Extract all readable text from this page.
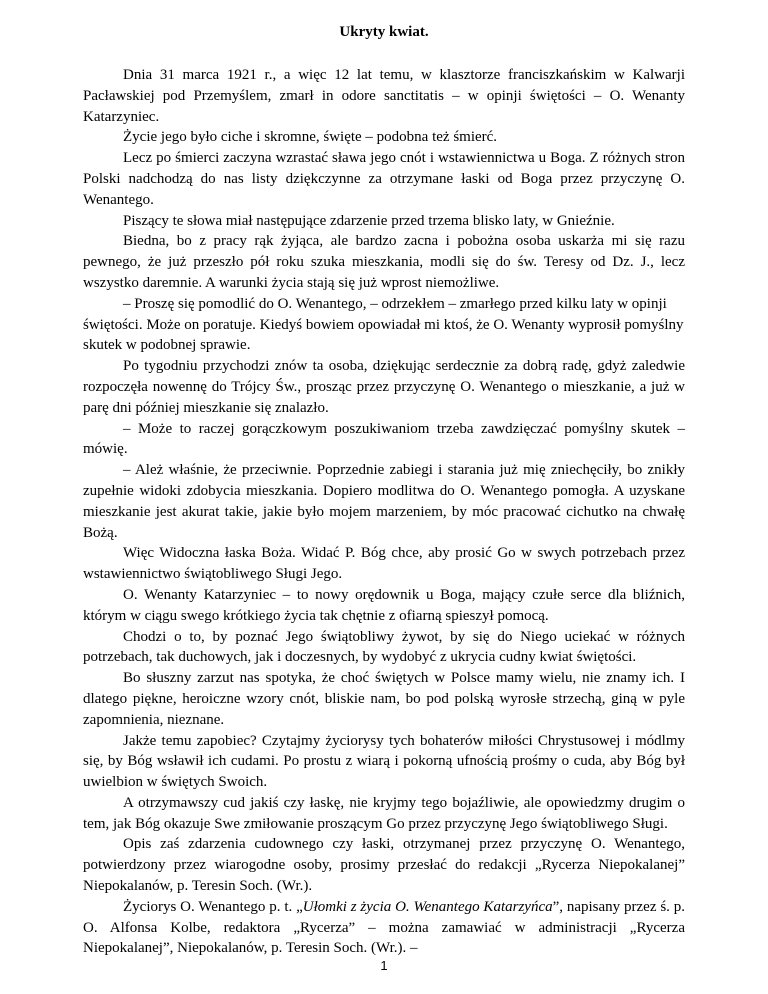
Ukryty kwiat.

Dnia 31 marca 1921 r., a więc 12 lat temu, w klasztorze franciszkańskim w Kalwarji Pacławskiej pod Przemyślem, zmarł in odore sanctitatis – w opinji świętości – O. Wenanty Katarzyniec.

Życie jego było ciche i skromne, święte – podobna też śmierć.

Lecz po śmierci zaczyna wzrastać sława jego cnót i wstawiennictwa u Boga. Z różnych stron Polski nadchodzą do nas listy dziękczynne za otrzymane łaski od Boga przez przyczynę O. Wenantego.

Piszący te słowa miał następujące zdarzenie przed trzema blisko laty, w Gnieźnie.

Biedna, bo z pracy rąk żyjąca, ale bardzo zacna i pobożna osoba uskarża mi się razu pewnego, że już przeszło pół roku szuka mieszkania, modli się do św. Teresy od Dz. J., lecz wszystko daremnie. A warunki życia stają się już wprost niemożliwe.

– Proszę się pomodlić do O. Wenantego, – odrzekłem – zmarłego przed kilku laty w opinji świętości. Może on poratuje. Kiedyś bowiem opowiadał mi ktoś, że O. Wenanty wyprosił pomyślny skutek w podobnej sprawie.

Po tygodniu przychodzi znów ta osoba, dziękując serdecznie za dobrą radę, gdyż zaledwie rozpoczęła nowennę do Trójcy Św., prosząc przez przyczynę O. Wenantego o mieszkanie, a już w parę dni później mieszkanie się znalazło.

– Może to raczej gorączkowym poszukiwaniom trzeba zawdzięczać pomyślny skutek – mówię.

– Ależ właśnie, że przeciwnie. Poprzednie zabiegi i starania już mię zniechęciły, bo znikły zupełnie widoki zdobycia mieszkania. Dopiero modlitwa do O. Wenantego pomogła. A uzyskane mieszkanie jest akurat takie, jakie było mojem marzeniem, by móc pracować cichutko na chwałę Bożą.

Więc Widoczna łaska Boża. Widać P. Bóg chce, aby prosić Go w swych potrzebach przez wstawiennictwo świątobliwego Sługi Jego.

O. Wenanty Katarzyniec – to nowy orędownik u Boga, mający czułe serce dla bliźnich, którym w ciągu swego krótkiego życia tak chętnie z ofiarną spieszył pomocą.

Chodzi o to, by poznać Jego świątobliwy żywot, by się do Niego uciekać w różnych potrzebach, tak duchowych, jak i doczesnych, by wydobyć z ukrycia cudny kwiat świętości.

Bo słuszny zarzut nas spotyka, że choć świętych w Polsce mamy wielu, nie znamy ich. I dlatego piękne, heroiczne wzory cnót, bliskie nam, bo pod polską wyrosłe strzechą, giną w pyle zapomnienia, nieznane.

Jakże temu zapobiec? Czytajmy życiorysy tych bohaterów miłości Chrystusowej i módlmy się, by Bóg wsławił ich cudami. Po prostu z wiarą i pokorną ufnością prośmy o cuda, aby Bóg był uwielbion w świętych Swoich.

A otrzymawszy cud jakiś czy łaskę, nie kryjmy tego bojaźliwie, ale opowiedzmy drugim o tem, jak Bóg okazuje Swe zmiłowanie proszącym Go przez przyczynę Jego świątobliwego Sługi.

Opis zaś zdarzenia cudownego czy łaski, otrzymanej przez przyczynę O. Wenantego, potwierdzony przez wiarogodne osoby, prosimy przesłać do redakcji „Rycerza Niepokalanej” Niepokalanów, p. Teresin Soch. (Wr.).

Życiorys O. Wenantego p. t. „Ułomki z życia O. Wenantego Katarzyńca”, napisany przez ś. p. O. Alfonsa Kolbe, redaktora „Rycerza” – można zamawiać w administracji „Rycerza Niepokalanej”, Niepokalanów, p. Teresin Soch. (Wr.). –

1
